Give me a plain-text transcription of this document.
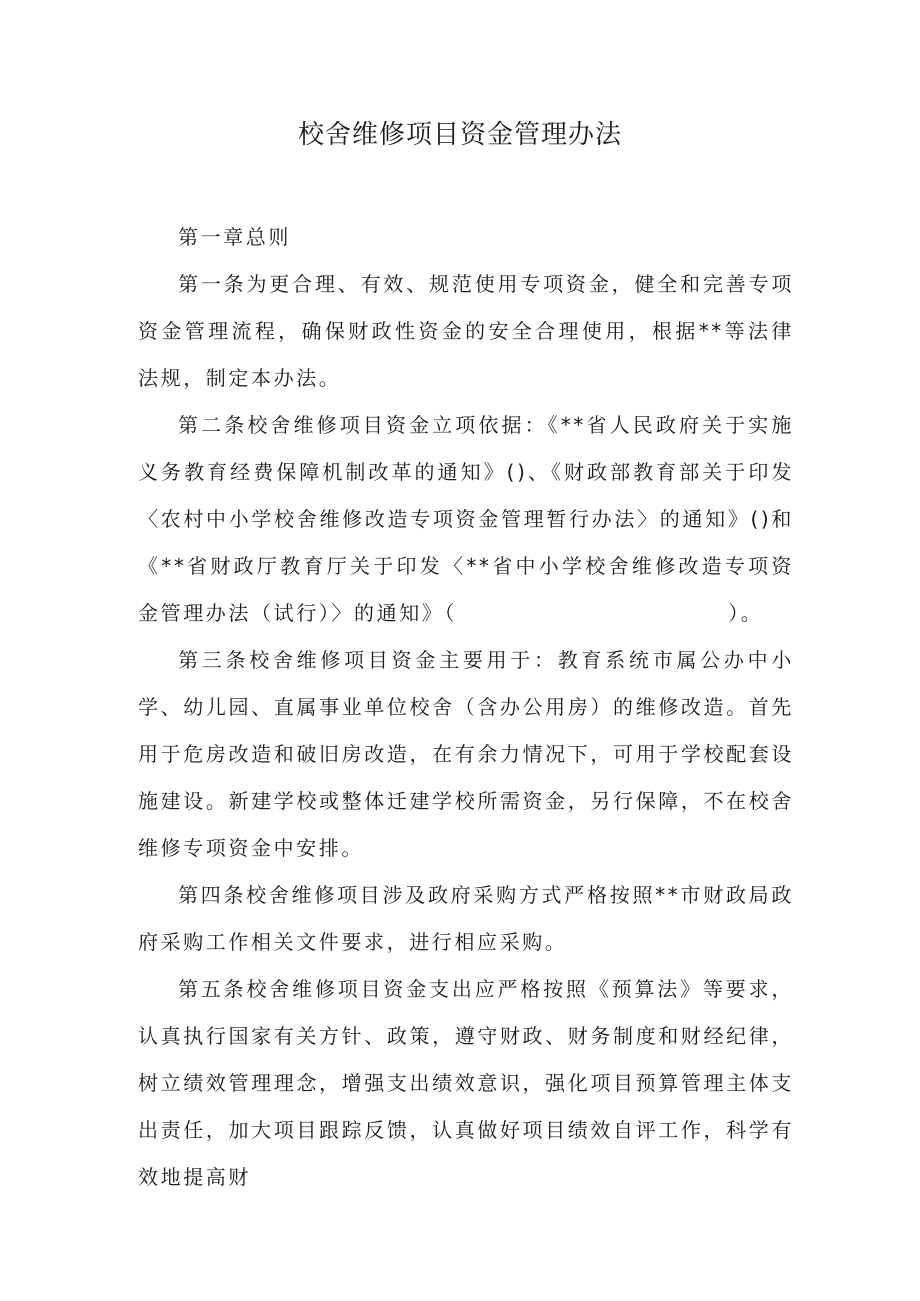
校舍维修项目资金管理办法

第一章总则

第一条为更合理、有效、规范使用专项资金，健全和完善专项资金管理流程，确保财政性资金的安全合理使用，根据**等法律法规，制定本办法。

第二条校舍维修项目资金立项依据：《**省人民政府关于实施义务教育经费保障机制改革的通知》()、《财政部教育部关于印发〈农村中小学校舍维修改造专项资金管理暂行办法〉的通知》()和《**省财政厅教育厅关于印发〈**省中小学校舍维修改造专项资金管理办法（试行）〉的通知》（　　　　　　　　　　　　）。

第三条校舍维修项目资金主要用于：教育系统市属公办中小学、幼儿园、直属事业单位校舍（含办公用房）的维修改造。首先用于危房改造和破旧房改造，在有余力情况下，可用于学校配套设施建设。新建学校或整体迁建学校所需资金，另行保障，不在校舍维修专项资金中安排。

第四条校舍维修项目涉及政府采购方式严格按照**市财政局政府采购工作相关文件要求，进行相应采购。

第五条校舍维修项目资金支出应严格按照《预算法》等要求，认真执行国家有关方针、政策，遵守财政、财务制度和财经纪律，树立绩效管理理念，增强支出绩效意识，强化项目预算管理主体支出责任，加大项目跟踪反馈，认真做好项目绩效自评工作，科学有效地提高财
